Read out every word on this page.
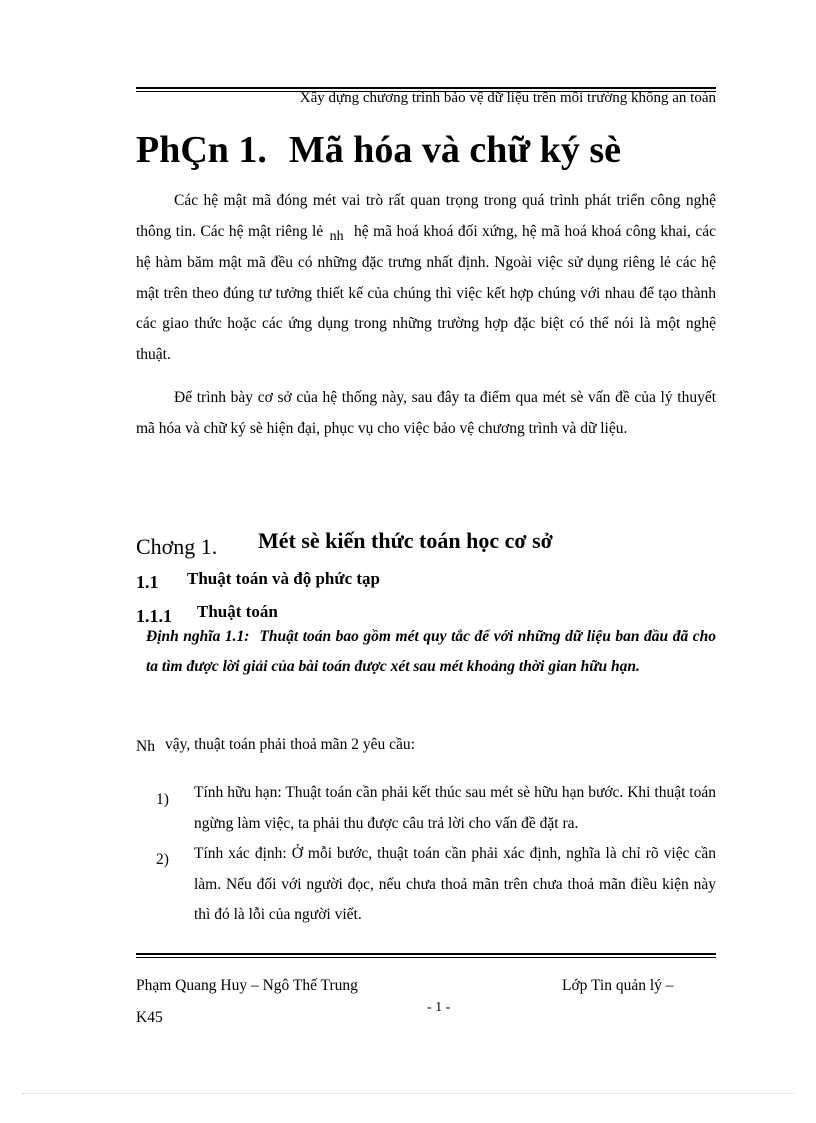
Xây dựng chương trình bảo vệ dữ liệu trên môi trường không an toàn
PhÇn 1. Mã hóa và chữ ký sè
Các hệ mật mã đóng mét vai trò rất quan trọng trong quá trình phát triển công nghệ thông tin. Các hệ mật riêng lẻ nh hệ mã hoá khoá đối xứng, hệ mã hoá khoá công khai, các hệ hàm băm mật mã đều có những đặc trưng nhất định. Ngoài việc sử dụng riêng lẻ các hệ mật trên theo đúng tư tưởng thiết kế của chúng thì việc kết hợp chúng với nhau để tạo thành các giao thức hoặc các ứng dụng trong những trường hợp đặc biệt có thể nói là một nghệ thuật.
Để trình bày cơ sở của hệ thống này, sau đây ta điểm qua mét sè vấn đề của lý thuyết mã hóa và chữ ký sè hiện đại, phục vụ cho việc bảo vệ chương trình và dữ liệu.
Chơng 1. Mét sè kiến thức toán học cơ sở
1.1 Thuật toán và độ phức tạp
1.1.1 Thuật toán
Định nghĩa 1.1: Thuật toán bao gồm mét quy tắc để với những dữ liệu ban đầu đã cho ta tìm được lời giải của bài toán được xét sau mét khoảng thời gian hữu hạn.
Nh vậy, thuật toán phải thoả mãn 2 yêu cầu:
1) Tính hữu hạn: Thuật toán cần phải kết thúc sau mét sè hữu hạn bước. Khi thuật toán ngừng làm việc, ta phải thu được câu trả lời cho vấn đề đặt ra.
2) Tính xác định: Ở mỗi bước, thuật toán cần phải xác định, nghĩa là chỉ rõ việc cần làm. Nếu đối với người đọc, nếu chưa thoả mãn trên chưa thoả mãn điều kiện này thì đó là lỗi của người viết.
Phạm Quang Huy – Ngô Thế Trung	Lớp Tin quản lý –
- 1 -
K45
